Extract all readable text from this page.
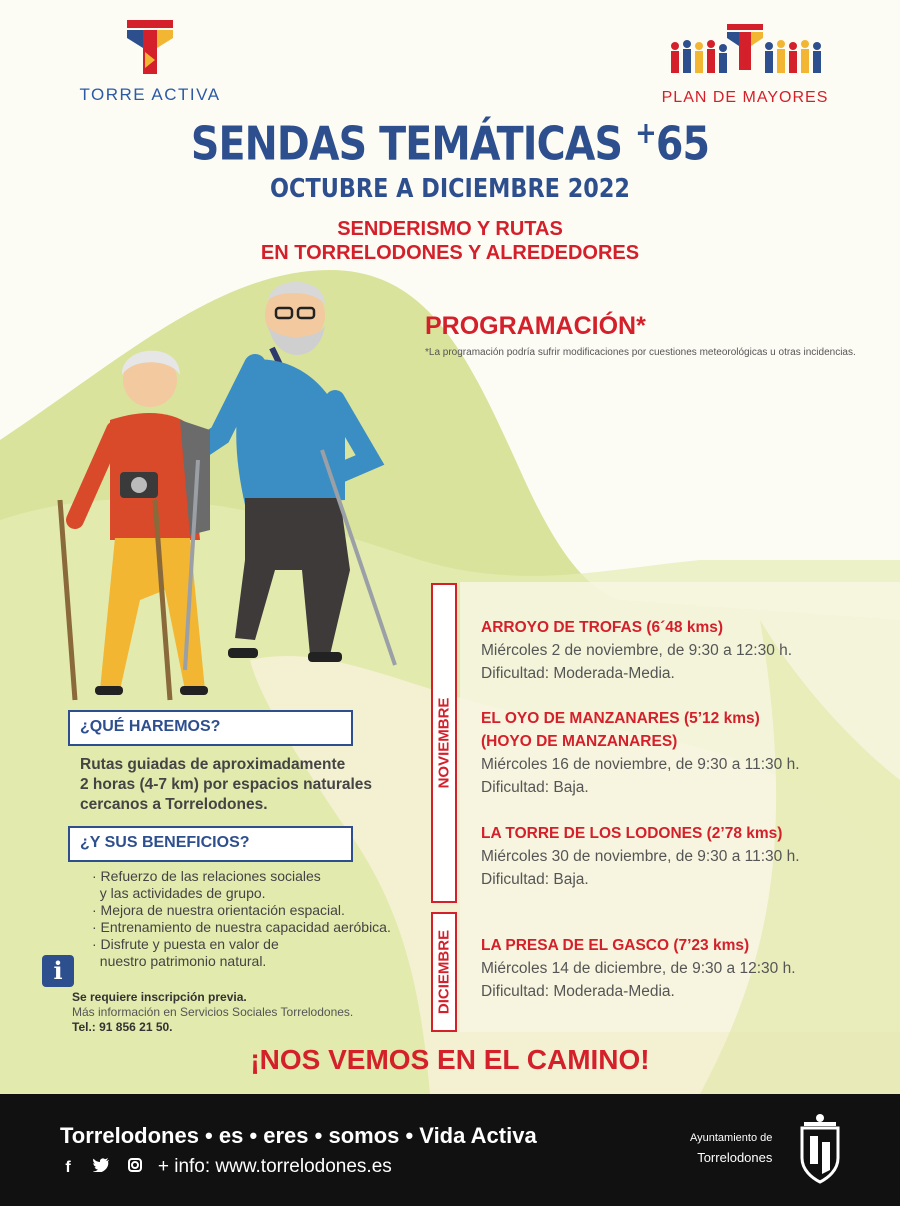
TORRE ACTIVA	PLAN DE MAYORES
SENDAS TEMÁTICAS +65
OCTUBRE A DICIEMBRE 2022
SENDERISMO Y RUTAS
EN TORRELODONES Y ALREDEDORES
PROGRAMACIÓN*
*La programación podría sufrir modificaciones por cuestiones meteorológicas u otras incidencias.
¿QUÉ HAREMOS?
Rutas guiadas de aproximadamente
2 horas (4-7 km) por espacios naturales
cercanos a Torrelodones.
¿Y SUS BENEFICIOS?
· Refuerzo de las relaciones sociales
y las actividades de grupo.
· Mejora de nuestra orientación espacial.
· Entrenamiento de nuestra capacidad aeróbica.
· Disfrute y puesta en valor de
nuestro patrimonio natural.
i
Se requiere inscripción previa.
Más información en Servicios Sociales Torrelodones.
Tel.: 91 856 21 50.
NOVIEMBRE
DICIEMBRE
ARROYO DE TROFAS (6´48 kms)
Miércoles 2 de noviembre, de 9:30 a 12:30 h.
Dificultad: Moderada-Media.
EL OYO DE MANZANARES (5’12 kms)
(HOYO DE MANZANARES)
Miércoles 16 de noviembre, de 9:30 a 11:30 h.
Dificultad: Baja.
LA TORRE DE LOS LODONES (2’78 kms)
Miércoles 30 de noviembre, de 9:30 a 11:30 h.
Dificultad: Baja.
LA PRESA DE EL GASCO (7’23 kms)
Miércoles 14 de diciembre, de 9:30 a 12:30 h.
Dificultad: Moderada-Media.
¡NOS VEMOS EN EL CAMINO!
Torrelodones • es • eres • somos • Vida Activa
f	+ info: www.torrelodones.es
Ayuntamiento de
Torrelodones
